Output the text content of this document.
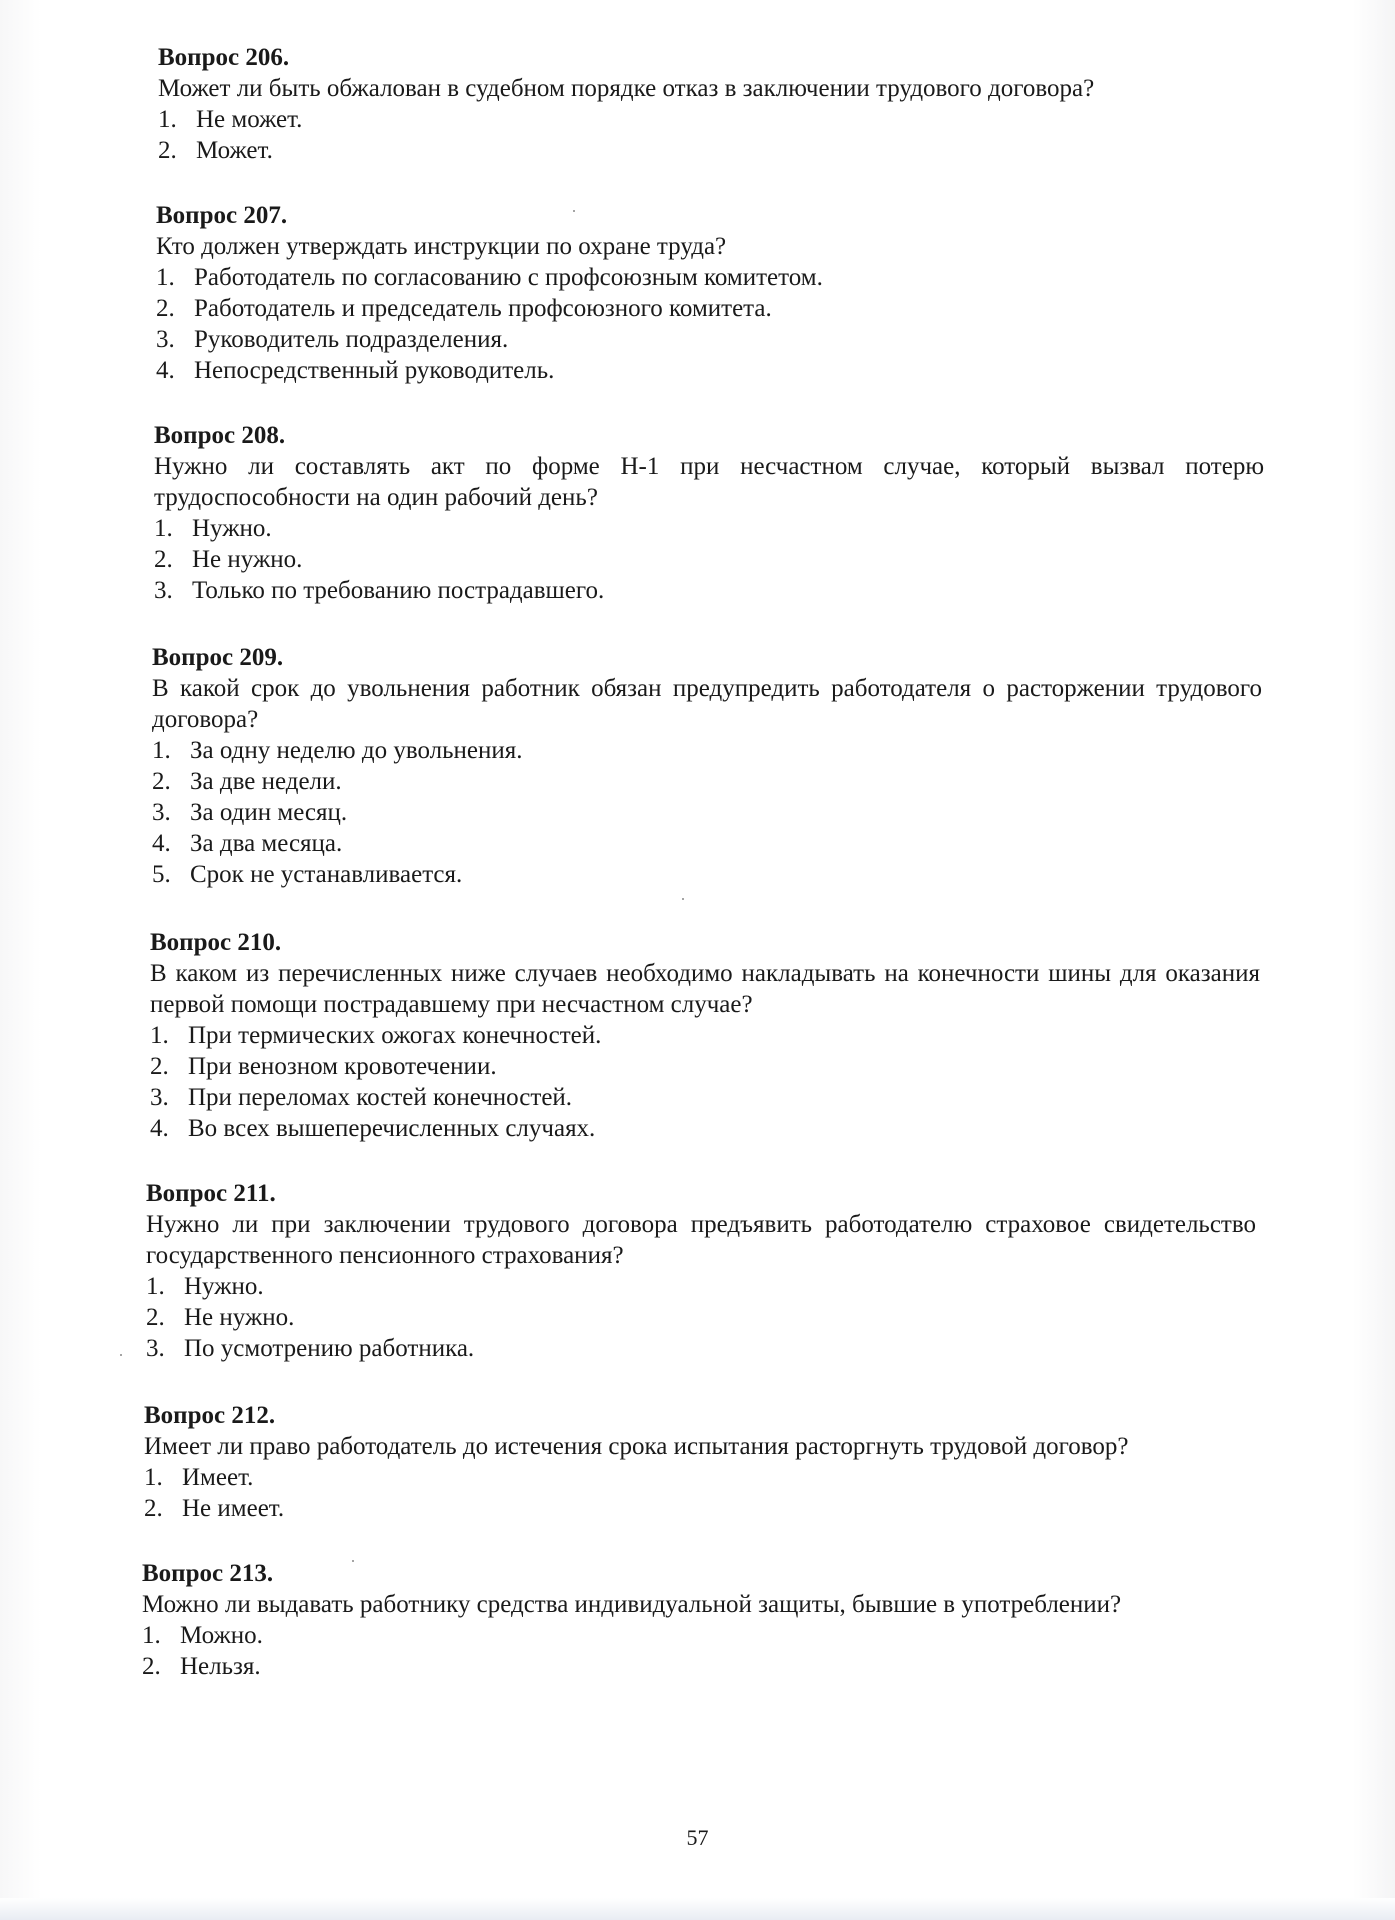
Вопрос 206.

Может ли быть обжалован в судебном порядке отказ в заключении трудового договора?

1. Не может.
2. Может.

Вопрос 207.

Кто должен утверждать инструкции по охране труда?

1. Работодатель по согласованию с профсоюзным комитетом.
2. Работодатель и председатель профсоюзного комитета.
3. Руководитель подразделения.
4. Непосредственный руководитель.

Вопрос 208.

Нужно ли составлять акт по форме Н-1 при несчастном случае, который вызвал потерю трудоспособности на один рабочий день?

1. Нужно.
2. Не нужно.
3. Только по требованию пострадавшего.

Вопрос 209.

В какой срок до увольнения работник обязан предупредить работодателя о расторжении трудового договора?

1. За одну неделю до увольнения.
2. За две недели.
3. За один месяц.
4. За два месяца.
5. Срок не устанавливается.

Вопрос 210.

В каком из перечисленных ниже случаев необходимо накладывать на конечности шины для оказания первой помощи пострадавшему при несчастном случае?

1. При термических ожогах конечностей.
2. При венозном кровотечении.
3. При переломах костей конечностей.
4. Во всех вышеперечисленных случаях.

Вопрос 211.

Нужно ли при заключении трудового договора предъявить работодателю страховое свидетельство государственного пенсионного страхования?

1. Нужно.
2. Не нужно.
3. По усмотрению работника.

Вопрос 212.

Имеет ли право работодатель до истечения срока испытания расторгнуть трудовой договор?

1. Имеет.
2. Не имеет.

Вопрос 213.

Можно ли выдавать работнику средства индивидуальной защиты, бывшие в употреблении?

1. Можно.
2. Нельзя.
57
